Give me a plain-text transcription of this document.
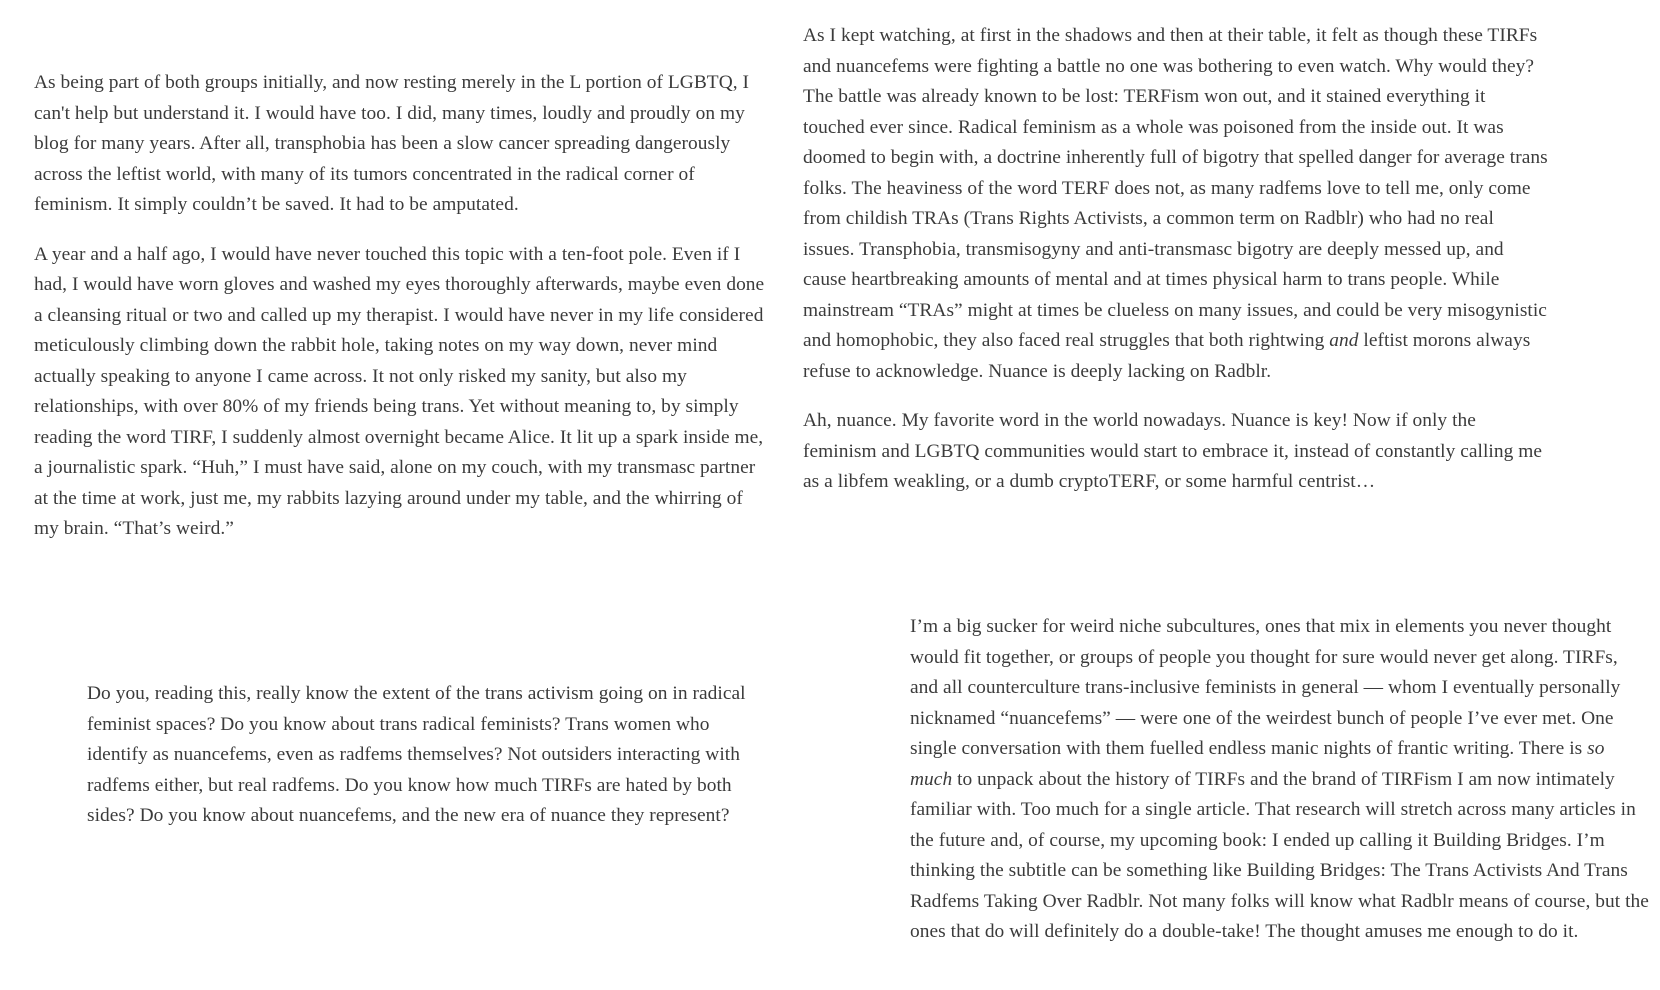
As being part of both groups initially, and now resting merely in the L portion of LGBTQ, I can't help but understand it. I would have too. I did, many times, loudly and proudly on my blog for many years. After all, transphobia has been a slow cancer spreading dangerously across the leftist world, with many of its tumors concentrated in the radical corner of feminism. It simply couldn’t be saved. It had to be amputated.

A year and a half ago, I would have never touched this topic with a ten-foot pole. Even if I had, I would have worn gloves and washed my eyes thoroughly afterwards, maybe even done a cleansing ritual or two and called up my therapist. I would have never in my life considered meticulously climbing down the rabbit hole, taking notes on my way down, never mind actually speaking to anyone I came across. It not only risked my sanity, but also my relationships, with over 80% of my friends being trans. Yet without meaning to, by simply reading the word TIRF, I suddenly almost overnight became Alice. It lit up a spark inside me, a journalistic spark. “Huh,” I must have said, alone on my couch, with my transmasc partner at the time at work, just me, my rabbits lazying around under my table, and the whirring of my brain. “That’s weird.”

As I kept watching, at first in the shadows and then at their table, it felt as though these TIRFs and nuancefems were fighting a battle no one was bothering to even watch. Why would they? The battle was already known to be lost: TERFism won out, and it stained everything it touched ever since. Radical feminism as a whole was poisoned from the inside out. It was doomed to begin with, a doctrine inherently full of bigotry that spelled danger for average trans folks. The heaviness of the word TERF does not, as many radfems love to tell me, only come from childish TRAs (Trans Rights Activists, a common term on Radblr) who had no real issues. Transphobia, transmisogyny and anti-transmasc bigotry are deeply messed up, and cause heartbreaking amounts of mental and at times physical harm to trans people. While mainstream “TRAs” might at times be clueless on many issues, and could be very misogynistic and homophobic, they also faced real struggles that both rightwing and leftist morons always refuse to acknowledge. Nuance is deeply lacking on Radblr.

Ah, nuance. My favorite word in the world nowadays. Nuance is key! Now if only the feminism and LGBTQ communities would start to embrace it, instead of constantly calling me as a libfem weakling, or a dumb cryptoTERF, or some harmful centrist…

Do you, reading this, really know the extent of the trans activism going on in radical

feminist spaces? Do you know about trans radical feminists? Trans women who

identify as nuancefems, even as radfems themselves? Not outsiders interacting with

radfems either, but real radfems. Do you know how much TIRFs are hated by both

sides? Do you know about nuancefems, and the new era of nuance they represent?

I’m a big sucker for weird niche subcultures, ones that mix in elements you never thought would fit together, or groups of people you thought for sure would never get along. TIRFs, and all counterculture trans-inclusive feminists in general — whom I eventually personally nicknamed “nuancefems” — were one of the weirdest bunch of people I’ve ever met. One single conversation with them fuelled endless manic nights of frantic writing. There is so much to unpack about the history of TIRFs and the brand of TIRFism I am now intimately familiar with. Too much for a single article. That research will stretch across many articles in the future and, of course, my upcoming book: I ended up calling it Building Bridges. I’m thinking the subtitle can be something like Building Bridges: The Trans Activists And Trans Radfems Taking Over Radblr. Not many folks will know what Radblr means of course, but the ones that do will definitely do a double-take! The thought amuses me enough to do it.
